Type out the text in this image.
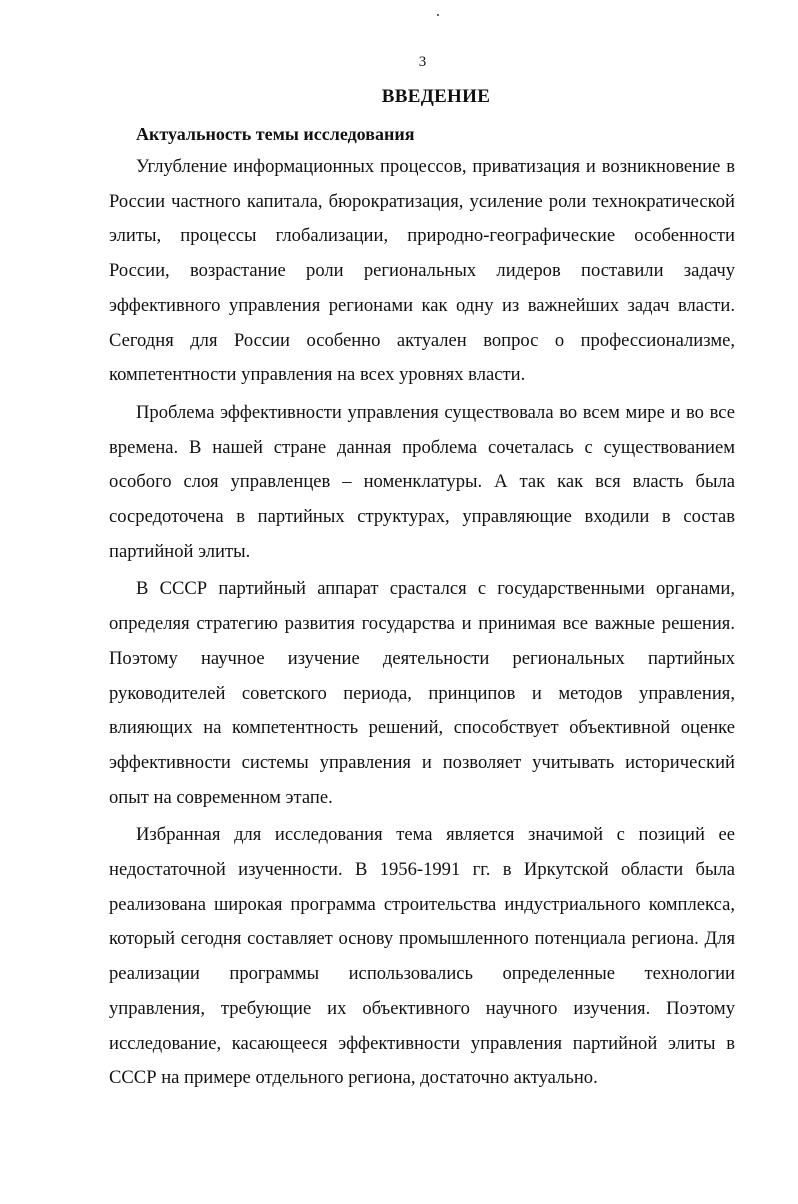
3
ВВЕДЕНИЕ
Актуальность темы исследования

Углубление информационных процессов, приватизация и возникновение в России частного капитала, бюрократизация, усиление роли технократической элиты, процессы глобализации, природно-географические особенности России, возрастание роли региональных лидеров поставили задачу эффективного управления регионами как одну из важнейших задач власти. Сегодня для России особенно актуален вопрос о профессионализме, компетентности управления на всех уровнях власти.

Проблема эффективности управления существовала во всем мире и во все времена. В нашей стране данная проблема сочеталась с существованием особого слоя управленцев – номенклатуры. А так как вся власть была сосредоточена в партийных структурах, управляющие входили в состав партийной элиты.

В СССР партийный аппарат срастался с государственными органами, определяя стратегию развития государства и принимая все важные решения. Поэтому научное изучение деятельности региональных партийных руководителей советского периода, принципов и методов управления, влияющих на компетентность решений, способствует объективной оценке эффективности системы управления и позволяет учитывать исторический опыт на современном этапе.

Избранная для исследования тема является значимой с позиций ее недостаточной изученности. В 1956-1991 гг. в Иркутской области была реализована широкая программа строительства индустриального комплекса, который сегодня составляет основу промышленного потенциала региона. Для реализации программы использовались определенные технологии управления, требующие их объективного научного изучения. Поэтому исследование, касающееся эффективности управления партийной элиты в СССР на примере отдельного региона, достаточно актуально.
